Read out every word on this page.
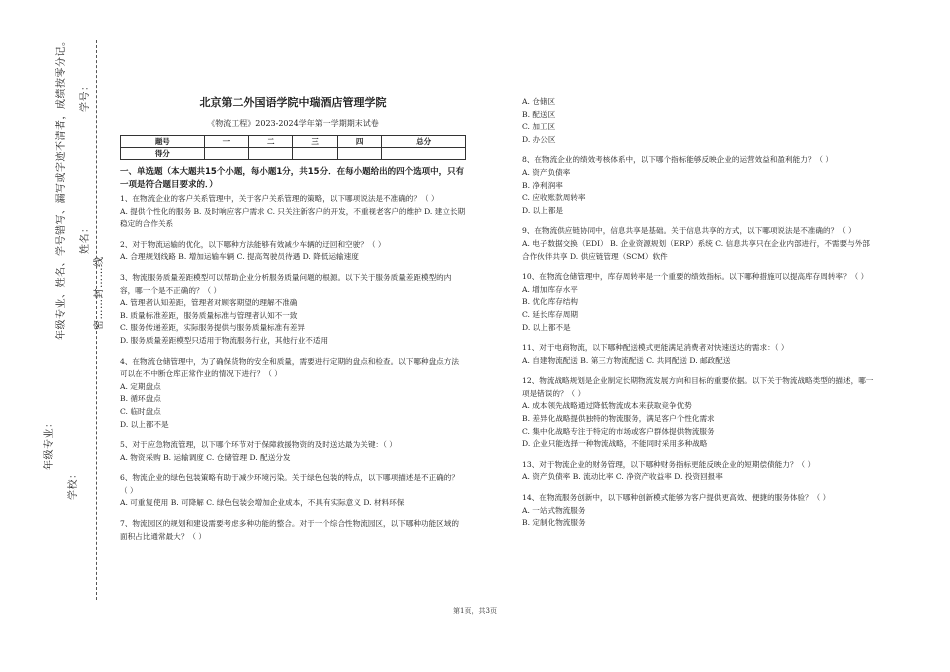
学校：
年级专业：
年级专业、姓名、学号错写、漏写或字迹不清者，成绩按零分记。	姓名：
学号：
密……封……线
北京第二外国语学院中瑞酒店管理学院
《物流工程》2023-2024学年第一学期期末试卷
题号	一	二	三	四	总分
得分					
一、单选题（本大题共15个小题，每小题1分，共15分．在每小题给出的四个选项中，只有一项是符合题目要求的．）

1、在物流企业的客户关系管理中，关于客户关系管理的策略，以下哪项说法是不准确的？（ ）

A. 提供个性化的服务 B. 及时响应客户需求 C. 只关注新客户的开发，不重视老客户的维护 D. 建立长期稳定的合作关系

2、对于物流运输的优化，以下哪种方法能够有效减少车辆的迂回和空驶？（ ）

A. 合理规划线路 B. 增加运输车辆 C. 提高驾驶员待遇 D. 降低运输速度

3、物流服务质量差距模型可以帮助企业分析服务质量问题的根源。以下关于服务质量差距模型的内容，哪一个是不正确的？（ ）

A. 管理者认知差距，管理者对顾客期望的理解不准确

B. 质量标准差距，服务质量标准与管理者认知不一致

C. 服务传递差距，实际服务提供与服务质量标准有差异

D. 服务质量差距模型只适用于物流服务行业，其他行业不适用

4、在物流仓储管理中，为了确保货物的安全和质量，需要进行定期的盘点和检查。以下哪种盘点方法可以在不中断仓库正常作业的情况下进行？（ ）

A. 定期盘点

B. 循环盘点

C. 临时盘点

D. 以上都不是

5、对于应急物流管理，以下哪个环节对于保障救援物资的及时送达最为关键：（ ）

A. 物资采购 B. 运输调度 C. 仓储管理 D. 配送分发

6、物流企业的绿色包装策略有助于减少环境污染。关于绿色包装的特点，以下哪项描述是不正确的？（ ）

A. 可重复使用 B. 可降解 C. 绿色包装会增加企业成本，不具有实际意义 D. 材料环保

7、物流园区的规划和建设需要考虑多种功能的整合。对于一个综合性物流园区，以下哪种功能区域的面积占比通常最大？（ ）

A. 仓储区

B. 配送区

C. 加工区

D. 办公区

8、在物流企业的绩效考核体系中，以下哪个指标能够反映企业的运营效益和盈利能力？（ ）

A. 资产负债率

B. 净利润率

C. 应收账款周转率

D. 以上都是

9、在物流供应链协同中，信息共享是基础。关于信息共享的方式，以下哪项说法是不准确的？（ ）

A. 电子数据交换（EDI） B. 企业资源规划（ERP）系统 C. 信息共享只在企业内部进行，不需要与外部合作伙伴共享 D. 供应链管理（SCM）软件

10、在物流仓储管理中，库存周转率是一个重要的绩效指标。以下哪种措施可以提高库存周转率？（ ）

A. 增加库存水平

B. 优化库存结构

C. 延长库存周期

D. 以上都不是

11、对于电商物流，以下哪种配送模式更能满足消费者对快速送达的需求：（ ）

A. 自建物流配送 B. 第三方物流配送 C. 共同配送 D. 邮政配送

12、物流战略规划是企业制定长期物流发展方向和目标的重要依据。以下关于物流战略类型的描述，哪一项是错误的？（ ）

A. 成本领先战略通过降低物流成本来获取竞争优势

B. 差异化战略提供独特的物流服务，满足客户个性化需求

C. 集中化战略专注于特定的市场或客户群体提供物流服务

D. 企业只能选择一种物流战略，不能同时采用多种战略

13、对于物流企业的财务管理，以下哪种财务指标更能反映企业的短期偿债能力？（ ）

A. 资产负债率 B. 流动比率 C. 净资产收益率 D. 投资回报率

14、在物流服务创新中，以下哪种创新模式能够为客户提供更高效、便捷的服务体验？（ ）

A. 一站式物流服务

B. 定制化物流服务

第1页，共3页
